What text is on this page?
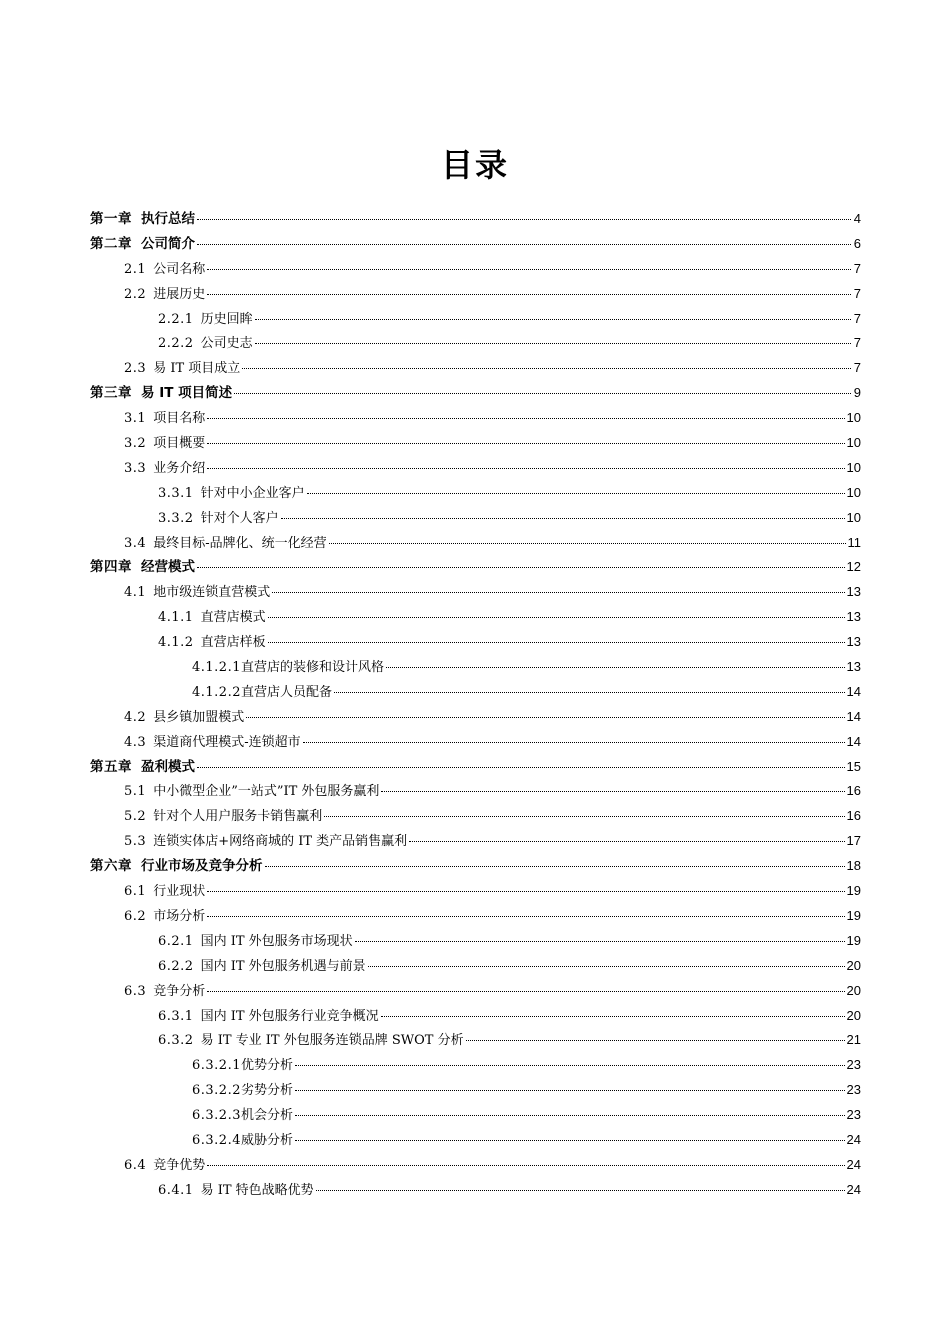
目录
第一章 执行总结	4
第二章 公司简介	6
2.1 公司名称	7
2.2 进展历史	7
2.2.1 历史回眸	7
2.2.2 公司史志	7
2.3 易 IT 项目成立	7
第三章 易 IT 项目简述	9
3.1 项目名称	10
3.2 项目概要	10
3.3 业务介绍	10
3.3.1 针对中小企业客户	10
3.3.2 针对个人客户	10
3.4 最终目标-品牌化、统一化经营	11
第四章 经营模式	12
4.1 地市级连锁直营模式	13
4.1.1 直营店模式	13
4.1.2 直营店样板	13
4.1.2.1 直营店的装修和设计风格	13
4.1.2.2 直营店人员配备	14
4.2 县乡镇加盟模式	14
4.3 渠道商代理模式-连锁超市	14
第五章 盈利模式	15
5.1 中小微型企业”一站式”IT 外包服务赢利	16
5.2 针对个人用户服务卡销售赢利	16
5.3 连锁实体店+网络商城的 IT 类产品销售赢利	17
第六章 行业市场及竞争分析	18
6.1 行业现状	19
6.2 市场分析	19
6.2.1 国内 IT 外包服务市场现状	19
6.2.2 国内 IT 外包服务机遇与前景	20
6.3 竞争分析	20
6.3.1 国内 IT 外包服务行业竞争概况	20
6.3.2 易 IT 专业 IT 外包服务连锁品牌 SWOT 分析	21
6.3.2.1 优势分析	23
6.3.2.2 劣势分析	23
6.3.2.3 机会分析	23
6.3.2.4 威胁分析	24
6.4 竞争优势	24
6.4.1 易 IT 特色战略优势	24
